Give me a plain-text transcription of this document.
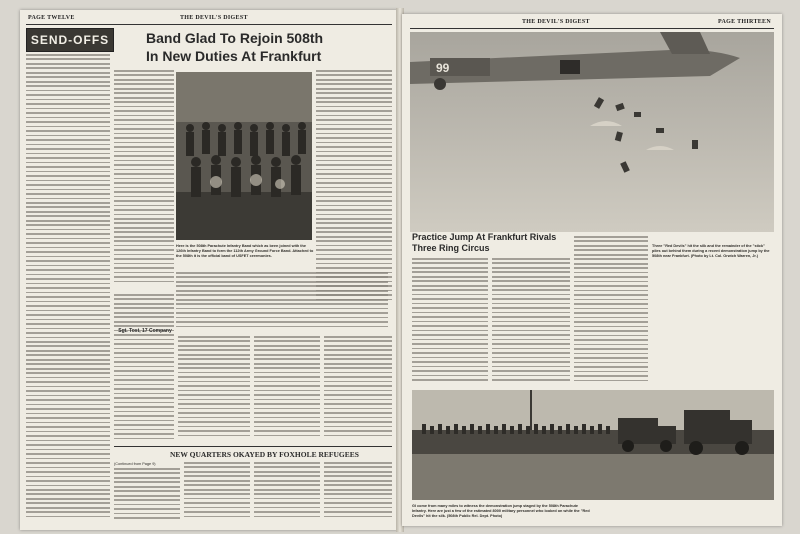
PAGE TWELVE	THE DEVIL'S DIGEST
SEND-OFFS	Band Glad To Rejoin 508th
In New Duties At Frankfurt
Here is the 508th Parachute Infantry Band which as been joined with the 126th Infantry Band to form the 112th Army Ground Force Band. Attached to the 508th it is the official band of USFET ceremonies.
Sgt. Tost, 17 Company
NEW QUARTERS OKAYED BY FOXHOLE REFUGEES
(Continued from Page 9)
THE DEVIL'S DIGEST	PAGE THIRTEEN
99
Practice Jump At Frankfurt Rivals Three Ring Circus	Three "Red Devils" hit the silk and the remainder of the "stick" piles out behind them during a recent demonstration jump by the 508th near Frankfurt. (Photo by Lt. Col. Orwich Warren, Jr.)
GI come from many miles to witness the demonstration jump staged by the 508th Parachute Infantry. Here are just a few of the estimated 8000 military personnel who looked on while the "Red Devils" hit the silk. (508th Public Rel. Dept. Photo)
